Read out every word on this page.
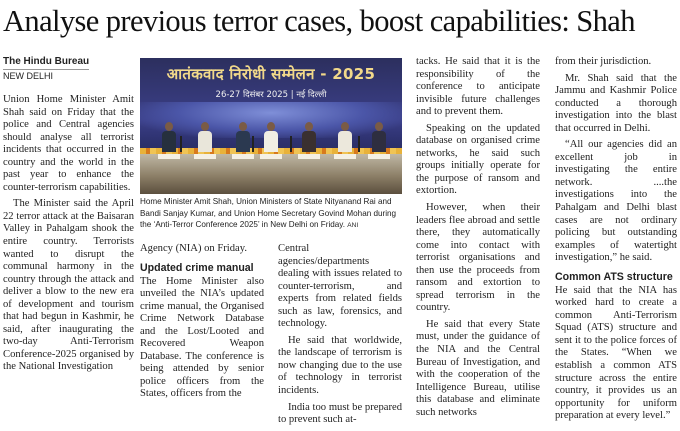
Analyse previous terror cases, boost capabilities: Shah
The Hindu Bureau
NEW DELHI

Union Home Minister Amit Shah said on Friday that the police and Central agencies should analyse all terrorist incidents that occurred in the country and the world in the past year to enhance the counter-terrorism capabilities.

The Minister said the April 22 terror attack at the Baisaran Valley in Pahalgam shook the entire country. Terrorists wanted to disrupt the communal harmony in the country through the attack and deliver a blow to the new era of development and tourism that had begun in Kashmir, he said, after inaugurating the two-day Anti-Terrorism Conference-2025 organised by the National Investigation

आतंकवाद निरोधी सम्मेलन - 2025
26-27 दिसंबर 2025 | नई दिल्ली
Home Minister Amit Shah, Union Ministers of State Nityanand Rai and Bandi Sanjay Kumar, and Union Home Secretary Govind Mohan during the ‘Anti-Terror Conference 2025’ in New Delhi on Friday. ANI

Agency (NIA) on Friday.

Updated crime manual

The Home Minister also unveiled the NIA’s updated crime manual, the Organised Crime Network Database and the Lost/Looted and Recovered Weapon Database. The conference is being attended by senior police officers from the States, officers from the

Central agencies/departments dealing with issues related to counter-terrorism, and experts from related fields such as law, forensics, and technology.

He said that worldwide, the landscape of terrorism is now changing due to the use of technology in terrorist incidents.

India too must be prepared to prevent such at-

tacks. He said that it is the responsibility of the conference to anticipate invisible future challenges and to prevent them.

Speaking on the updated database on organised crime networks, he said such groups initially operate for the purpose of ransom and extortion.

However, when their leaders flee abroad and settle there, they automatically come into contact with terrorist organisations and then use the proceeds from ransom and extortion to spread terrorism in the country.

He said that every State must, under the guidance of the NIA and the Central Bureau of Investigation, and with the cooperation of the Intelligence Bureau, utilise this database and eliminate such networks

from their jurisdiction.

Mr. Shah said that the Jammu and Kashmir Police conducted a thorough investigation into the blast that occurred in Delhi.

“All our agencies did an excellent job in investigating the entire network. ....the investigations into the Pahalgam and Delhi blast cases are not ordinary policing but outstanding examples of watertight investigation,” he said.

Common ATS structure

He said that the NIA has worked hard to create a common Anti-Terrorism Squad (ATS) structure and sent it to the police forces of the States. “When we establish a common ATS structure across the entire country, it provides us an opportunity for uniform preparation at every level.”
